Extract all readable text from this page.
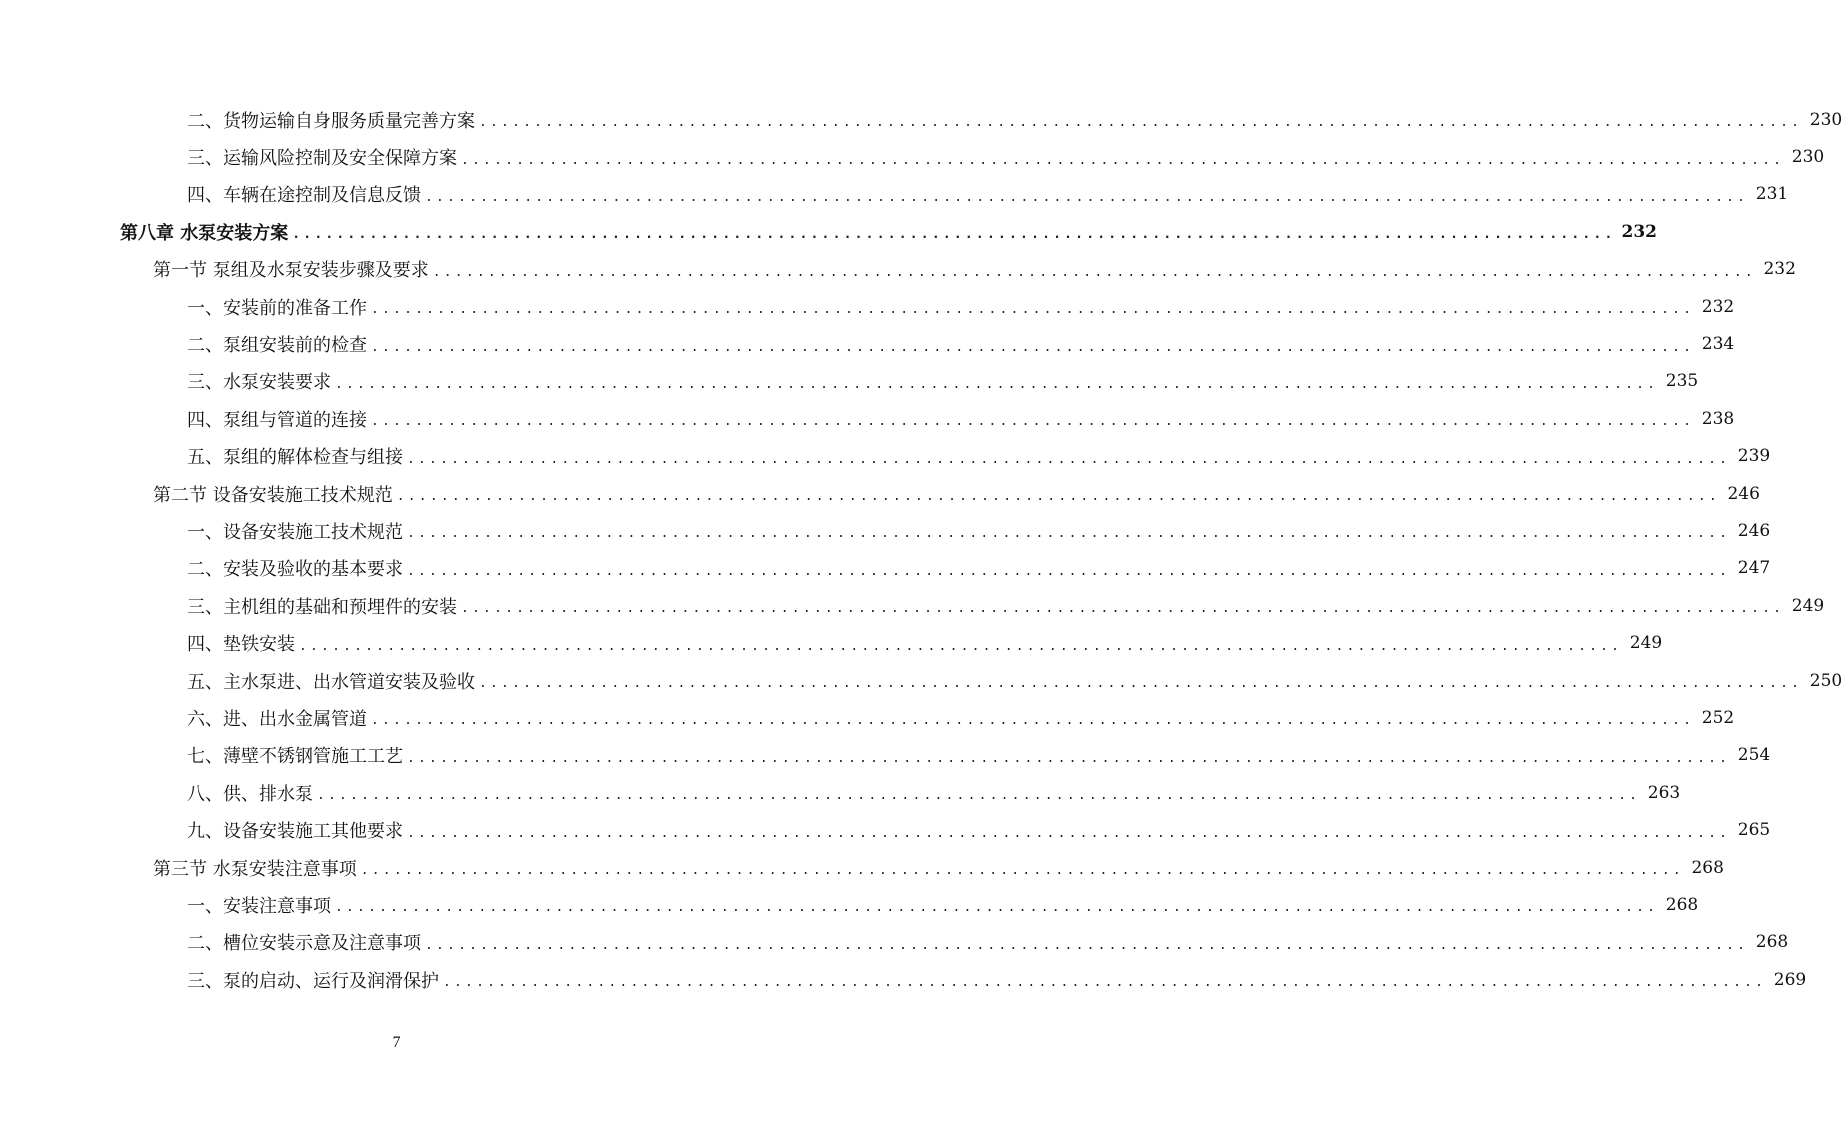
二、货物运输自身服务质量完善方案 ........................................................................................................................ 230
三、运输风险控制及安全保障方案 ........................................................................................................................ 230
四、车辆在途控制及信息反馈 ........................................................................................................................ 231
第八章 水泵安装方案 ........................................................................................................................ 232
第一节 泵组及水泵安装步骤及要求 ........................................................................................................................ 232
一、安装前的准备工作 ........................................................................................................................ 232
二、泵组安装前的检查 ........................................................................................................................ 234
三、水泵安装要求 ........................................................................................................................ 235
四、泵组与管道的连接 ........................................................................................................................ 238
五、泵组的解体检查与组接 ........................................................................................................................ 239
第二节 设备安装施工技术规范 ........................................................................................................................ 246
一、设备安装施工技术规范 ........................................................................................................................ 246
二、安装及验收的基本要求 ........................................................................................................................ 247
三、主机组的基础和预埋件的安装 ........................................................................................................................ 249
四、垫铁安装 ........................................................................................................................ 249
五、主水泵进、出水管道安装及验收 ........................................................................................................................ 250
六、进、出水金属管道 ........................................................................................................................ 252
七、薄壁不锈钢管施工工艺 ........................................................................................................................ 254
八、供、排水泵 ........................................................................................................................ 263
九、设备安装施工其他要求 ........................................................................................................................ 265
第三节 水泵安装注意事项 ........................................................................................................................ 268
一、安装注意事项 ........................................................................................................................ 268
二、槽位安装示意及注意事项 ........................................................................................................................ 268
三、泵的启动、运行及润滑保护 ........................................................................................................................ 269
7
